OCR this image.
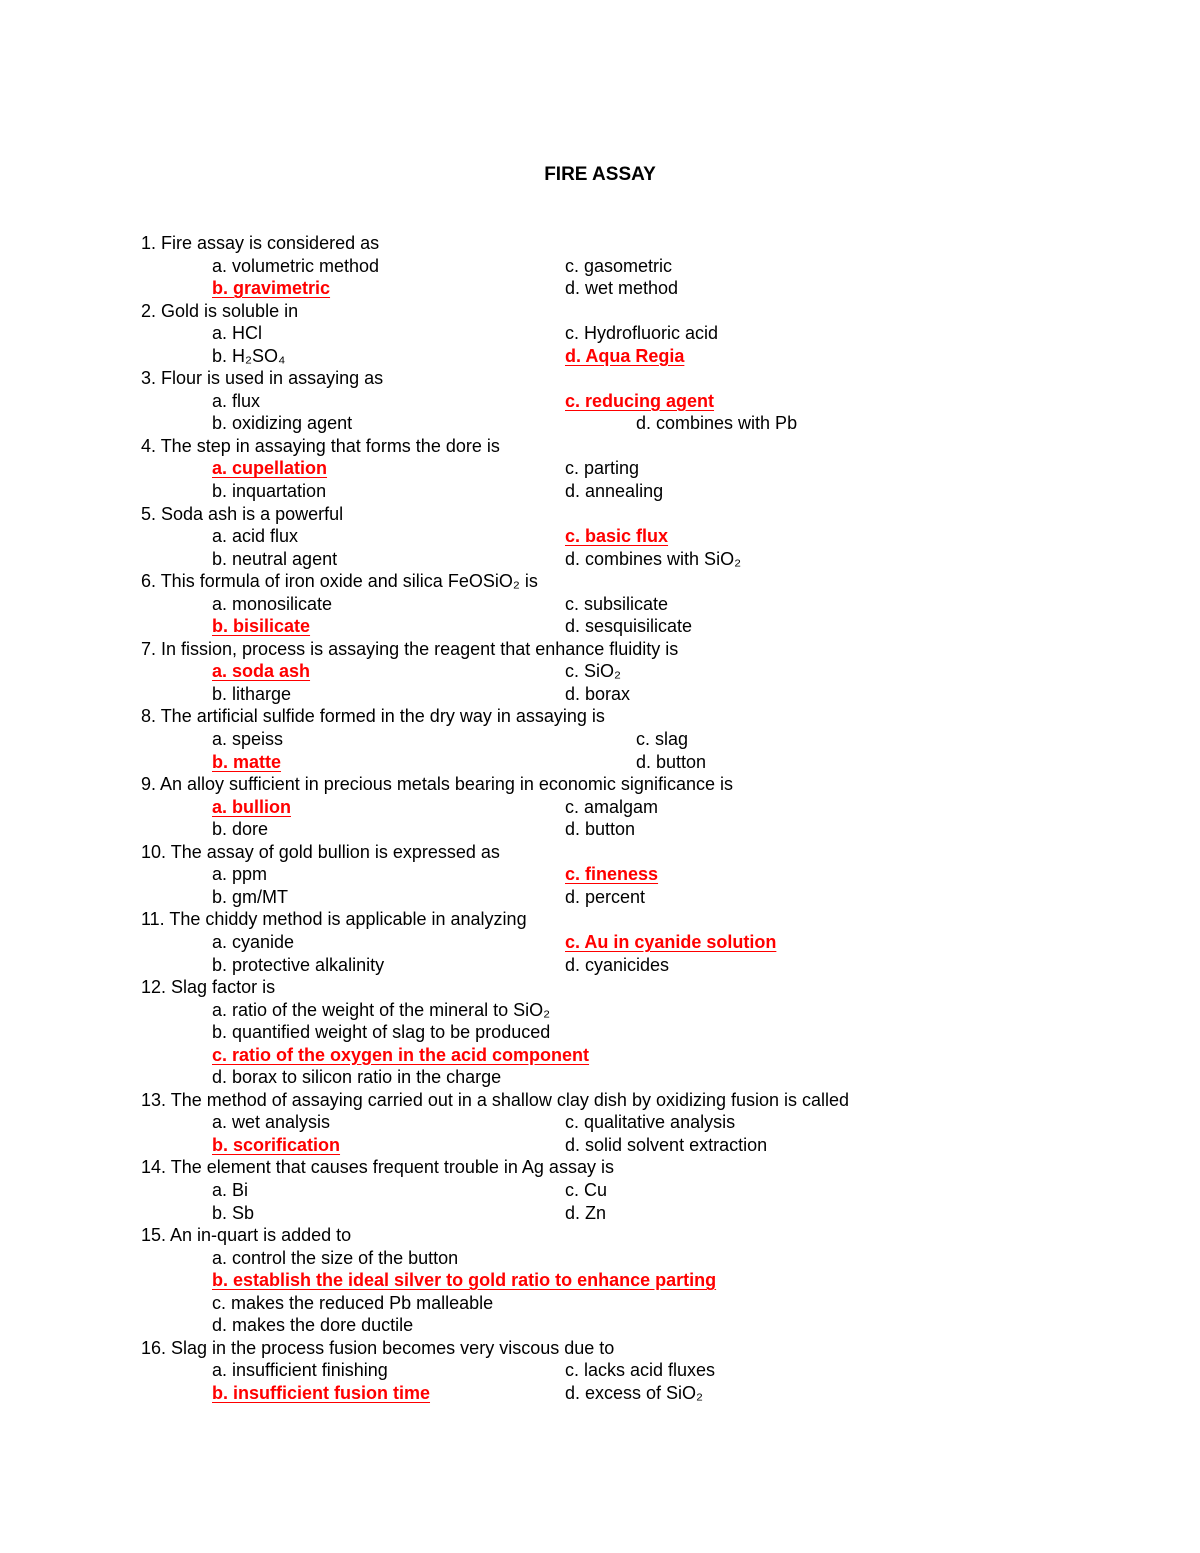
FIRE ASSAY
1. Fire assay is considered as
a. volumetric method	c. gasometric
b. gravimetric	d. wet method
2. Gold is soluble in
a. HCl	c. Hydrofluoric acid
b. H₂SO₄	d. Aqua Regia
3. Flour is used in assaying as
a. flux	c. reducing agent
b. oxidizing agent	d. combines with Pb
4. The step in assaying that forms the dore is
a. cupellation	c. parting
b. inquartation	d. annealing
5. Soda ash is a powerful
a. acid flux	c. basic flux
b. neutral agent	d. combines with SiO₂
6. This formula of iron oxide and silica FeOSiO₂ is
a. monosilicate	c. subsilicate
b. bisilicate	d. sesquisilicate
7. In fission, process is assaying the reagent that enhance fluidity is
a. soda ash	c. SiO₂
b. litharge	d. borax
8. The artificial sulfide formed in the dry way in assaying is
a. speiss	c. slag
b. matte	d. button
9. An alloy sufficient in precious metals bearing in economic significance is
a. bullion	c. amalgam
b. dore	d. button
10. The assay of gold bullion is expressed as
a. ppm	c. fineness
b. gm/MT	d. percent
11. The chiddy method is applicable in analyzing
a. cyanide	c. Au in cyanide solution
b. protective alkalinity	d. cyanicides
12. Slag factor is
a. ratio of the weight of the mineral to SiO₂
b. quantified weight of slag to be produced
c. ratio of the oxygen in the acid component
d. borax to silicon ratio in the charge
13. The method of assaying carried out in a shallow clay dish by oxidizing fusion is called
a. wet analysis	c. qualitative analysis
b. scorification	d. solid solvent extraction
14. The element that causes frequent trouble in Ag assay is
a. Bi	c. Cu
b. Sb	d. Zn
15. An in-quart is added to
a. control the size of the button
b. establish the ideal silver to gold ratio to enhance parting
c. makes the reduced Pb malleable
d. makes the dore ductile
16. Slag in the process fusion becomes very viscous due to
a. insufficient finishing	c. lacks acid fluxes
b. insufficient fusion time	d. excess of SiO₂
